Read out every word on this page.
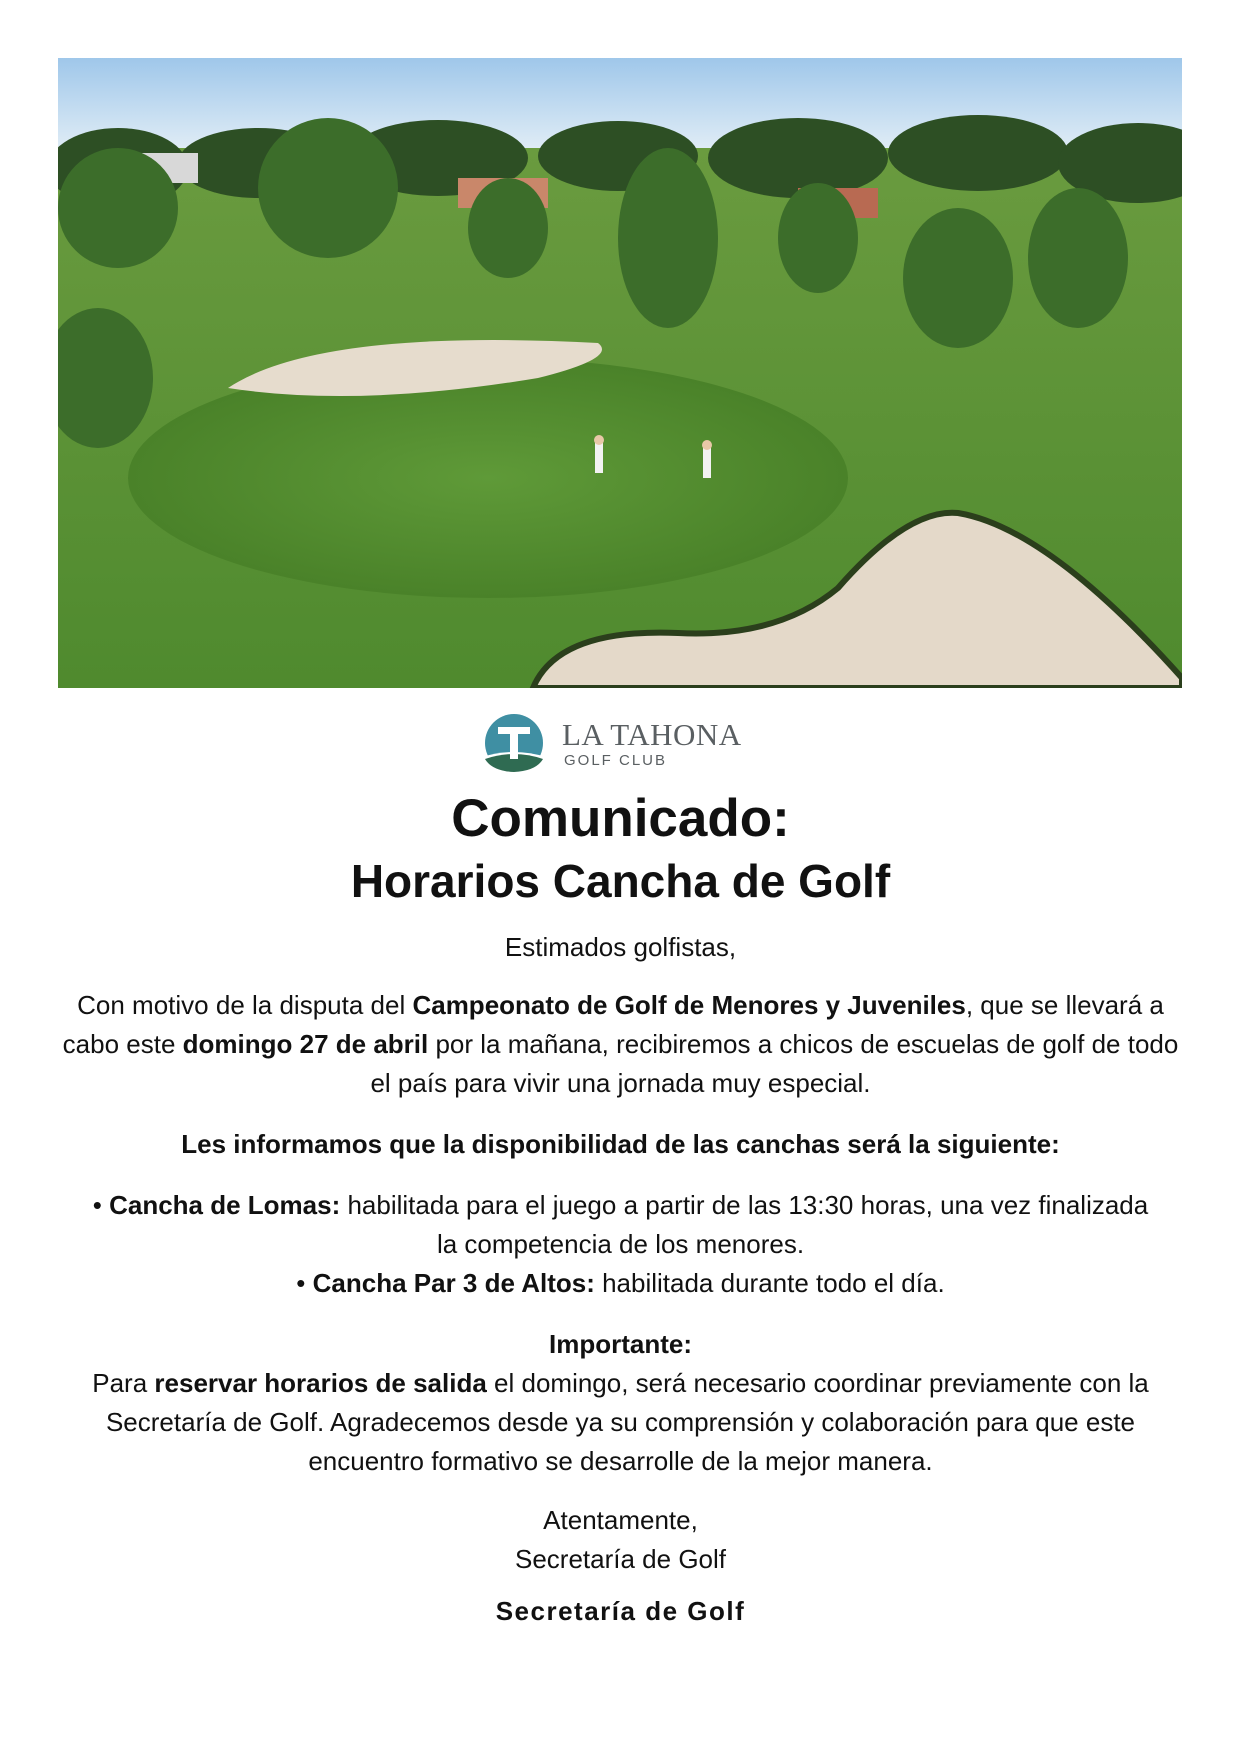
LA TAHONA
GOLF CLUB
Comunicado:
Horarios Cancha de Golf

Estimados golfistas,

Con motivo de la disputa del Campeonato de Golf de Menores y Juveniles, que se llevará a cabo este domingo 27 de abril por la mañana, recibiremos a chicos de escuelas de golf de todo el país para vivir una jornada muy especial.

Les informamos que la disponibilidad de las canchas será la siguiente:

• Cancha de Lomas: habilitada para el juego a partir de las 13:30 horas, una vez finalizada la competencia de los menores.
• Cancha Par 3 de Altos: habilitada durante todo el día.

Importante:

Para reservar horarios de salida el domingo, será necesario coordinar previamente con la Secretaría de Golf. Agradecemos desde ya su comprensión y colaboración para que este encuentro formativo se desarrolle de la mejor manera.

Atentamente,

Secretaría de Golf

Secretaría de Golf
